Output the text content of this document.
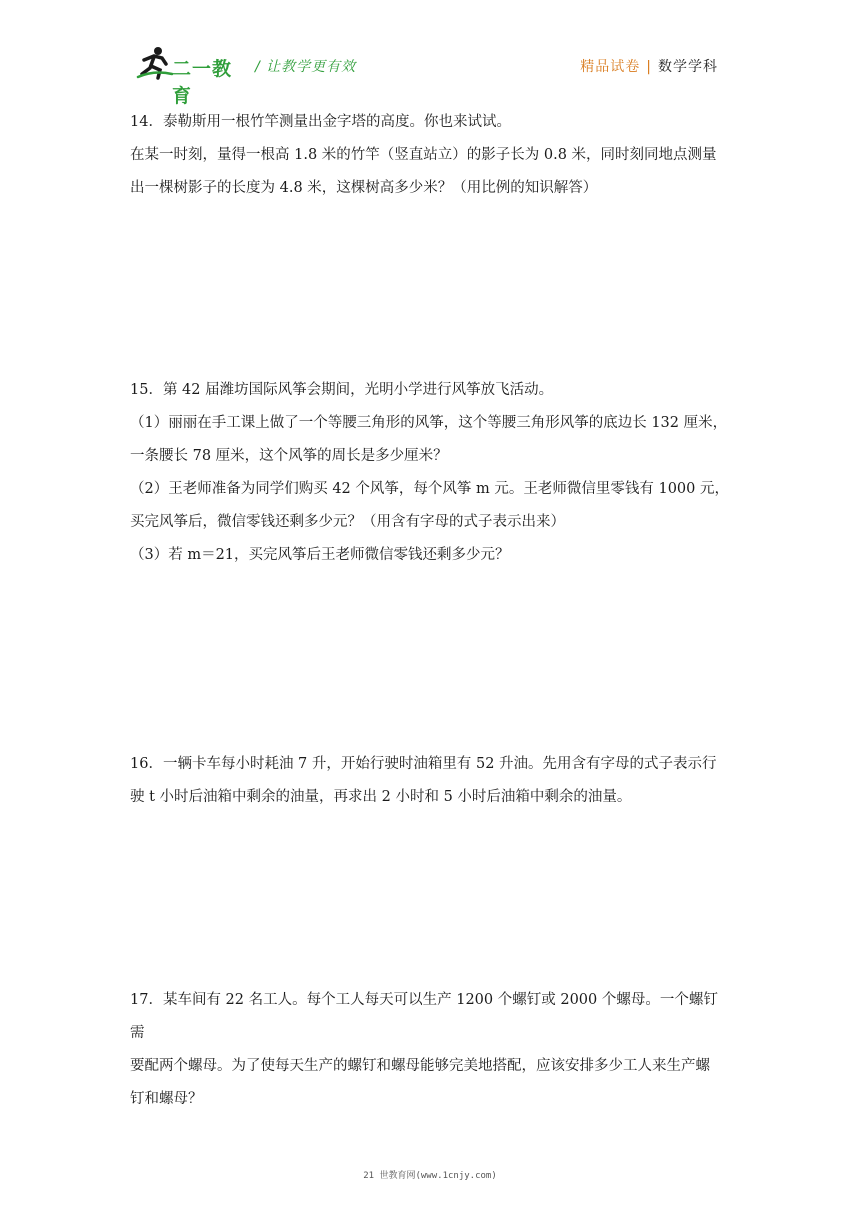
二一教育
/ 让教学更有效	精品试卷 | 数学学科

14．泰勒斯用一根竹竿测量出金字塔的高度。你也来试试。

在某一时刻，量得一根高 1.8 米的竹竿（竖直站立）的影子长为 0.8 米，同时刻同地点测量

出一棵树影子的长度为 4.8 米，这棵树高多少米？（用比例的知识解答）

15．第 42 届潍坊国际风筝会期间，光明小学进行风筝放飞活动。

（1）丽丽在手工课上做了一个等腰三角形的风筝，这个等腰三角形风筝的底边长 132 厘米，

一条腰长 78 厘米，这个风筝的周长是多少厘米？

（2）王老师准备为同学们购买 42 个风筝，每个风筝 m 元。王老师微信里零钱有 1000 元，

买完风筝后，微信零钱还剩多少元？（用含有字母的式子表示出来）

（3）若 m＝21，买完风筝后王老师微信零钱还剩多少元？

16．一辆卡车每小时耗油 7 升，开始行驶时油箱里有 52 升油。先用含有字母的式子表示行

驶 t 小时后油箱中剩余的油量，再求出 2 小时和 5 小时后油箱中剩余的油量。

17．某车间有 22 名工人。每个工人每天可以生产 1200 个螺钉或 2000 个螺母。一个螺钉需

要配两个螺母。为了使每天生产的螺钉和螺母能够完美地搭配，应该安排多少工人来生产螺

钉和螺母？

21 世教育网(www.1cnjy.com)
